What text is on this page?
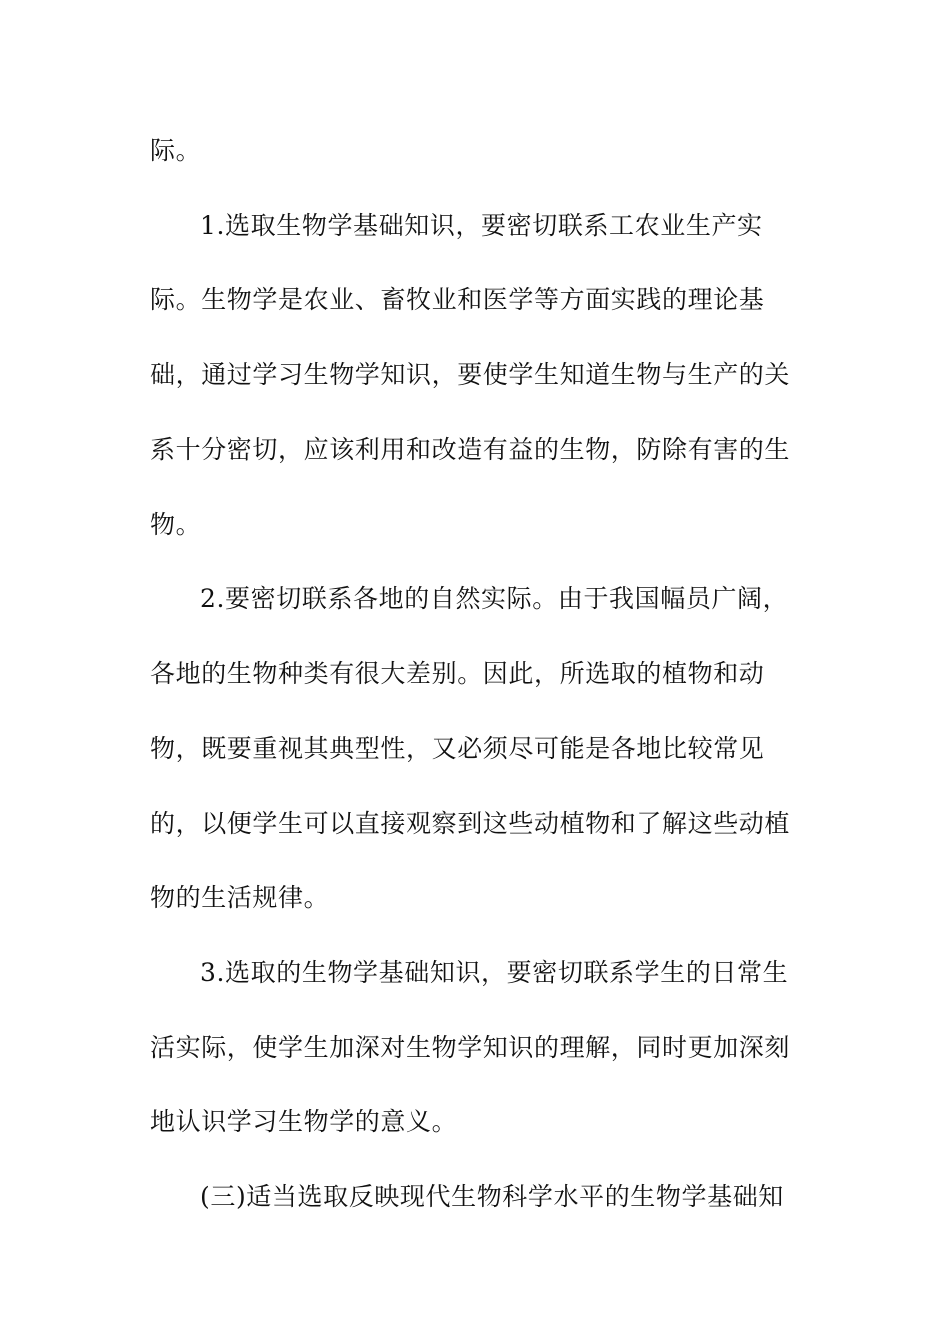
际。
1.选取生物学基础知识，要密切联系工农业生产实
际。生物学是农业、畜牧业和医学等方面实践的理论基
础，通过学习生物学知识，要使学生知道生物与生产的关
系十分密切，应该利用和改造有益的生物，防除有害的生
物。
2.要密切联系各地的自然实际。由于我国幅员广阔，
各地的生物种类有很大差别。因此，所选取的植物和动
物，既要重视其典型性，又必须尽可能是各地比较常见
的，以便学生可以直接观察到这些动植物和了解这些动植
物的生活规律。
3.选取的生物学基础知识，要密切联系学生的日常生
活实际，使学生加深对生物学知识的理解，同时更加深刻
地认识学习生物学的意义。
(三)适当选取反映现代生物科学水平的生物学基础知
